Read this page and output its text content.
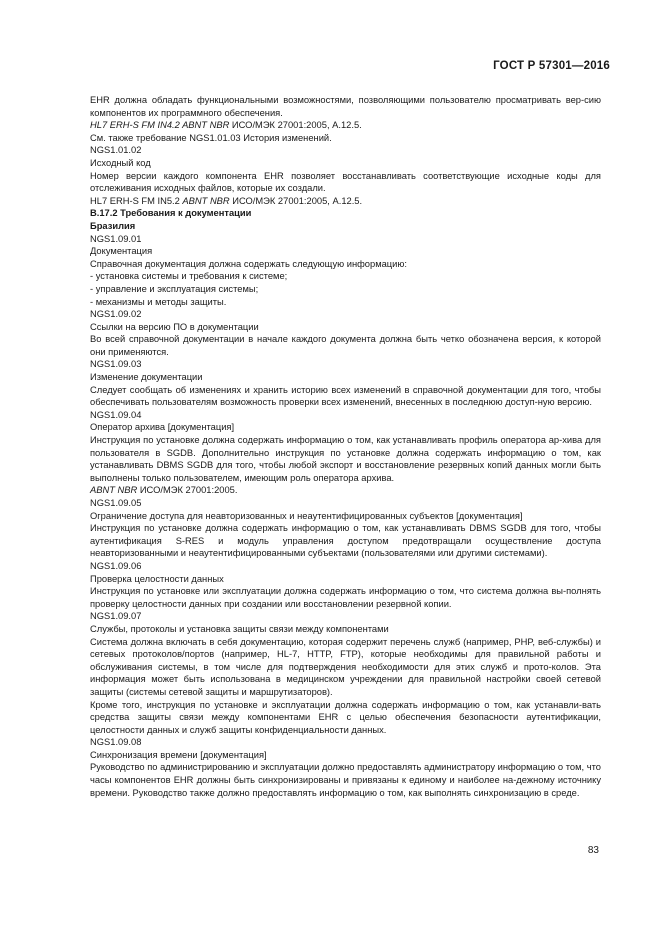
ГОСТ Р 57301—2016

EHR должна обладать функциональными возможностями, позволяющими пользователю просматривать вер-сию компонентов их программного обеспечения.

HL7 ERH-S FM IN4.2 ABNT NBR ИСО/МЭК 27001:2005, А.12.5.

См. также требование NGS1.01.03 История изменений.

NGS1.01.02

Исходный код

Номер версии каждого компонента EHR позволяет восстанавливать соответствующие исходные коды для отслеживания исходных файлов, которые их создали.

HL7 ERH-S FM IN5.2 ABNT NBR ИСО/МЭК 27001:2005, А.12.5.

В.17.2 Требования к документации

Бразилия

NGS1.09.01

Документация

Справочная документация должна содержать следующую информацию:

- установка системы и требования к системе;

- управление и эксплуатация системы;

- механизмы и методы защиты.

NGS1.09.02

Ссылки на версию ПО в документации

Во всей справочной документации в начале каждого документа должна быть четко обозначена версия, к которой они применяются.

NGS1.09.03

Изменение документации

Следует сообщать об изменениях и хранить историю всех изменений в справочной документации для того, чтобы обеспечивать пользователям возможность проверки всех изменений, внесенных в последнюю доступ-ную версию.

NGS1.09.04

Оператор архива [документация]

Инструкция по установке должна содержать информацию о том, как устанавливать профиль оператора ар-хива для пользователя в SGDB. Дополнительно инструкция по установке должна содержать информацию о том, как устанавливать DBMS SGDB для того, чтобы любой экспорт и восстановление резервных копий данных могли быть выполнены только пользователем, имеющим роль оператора архива.

ABNT NBR ИСО/МЭК 27001:2005.

NGS1.09.05

Ограничение доступа для неавторизованных и неаутентифицированных субъектов [документация]

Инструкция по установке должна содержать информацию о том, как устанавливать DBMS SGDB для того, чтобы аутентификация S-RES и модуль управления доступом предотвращали осуществление доступа неавторизованными и неаутентифицированными субъектами (пользователями или другими системами).

NGS1.09.06

Проверка целостности данных

Инструкция по установке или эксплуатации должна содержать информацию о том, что система должна вы-полнять проверку целостности данных при создании или восстановлении резервной копии.

NGS1.09.07

Службы, протоколы и установка защиты связи между компонентами

Система должна включать в себя документацию, которая содержит перечень служб (например, PHP, веб-службы) и сетевых протоколов/портов (например, HL-7, HTTP, FTP), которые необходимы для правильной работы и обслуживания системы, в том числе для подтверждения необходимости для этих служб и прото-колов. Эта информация может быть использована в медицинском учреждении для правильной настройки своей сетевой защиты (системы сетевой защиты и маршрутизаторов).

Кроме того, инструкция по установке и эксплуатации должна содержать информацию о том, как устанавли-вать средства защиты связи между компонентами EHR с целью обеспечения безопасности аутентификации, целостности данных и служб защиты конфиденциальности данных.

NGS1.09.08

Синхронизация времени [документация]

Руководство по администрированию и эксплуатации должно предоставлять администратору информацию о том, что часы компонентов EHR должны быть синхронизированы и привязаны к единому и наиболее на-дежному источнику времени. Руководство также должно предоставлять информацию о том, как выполнять синхронизацию в среде.

83
